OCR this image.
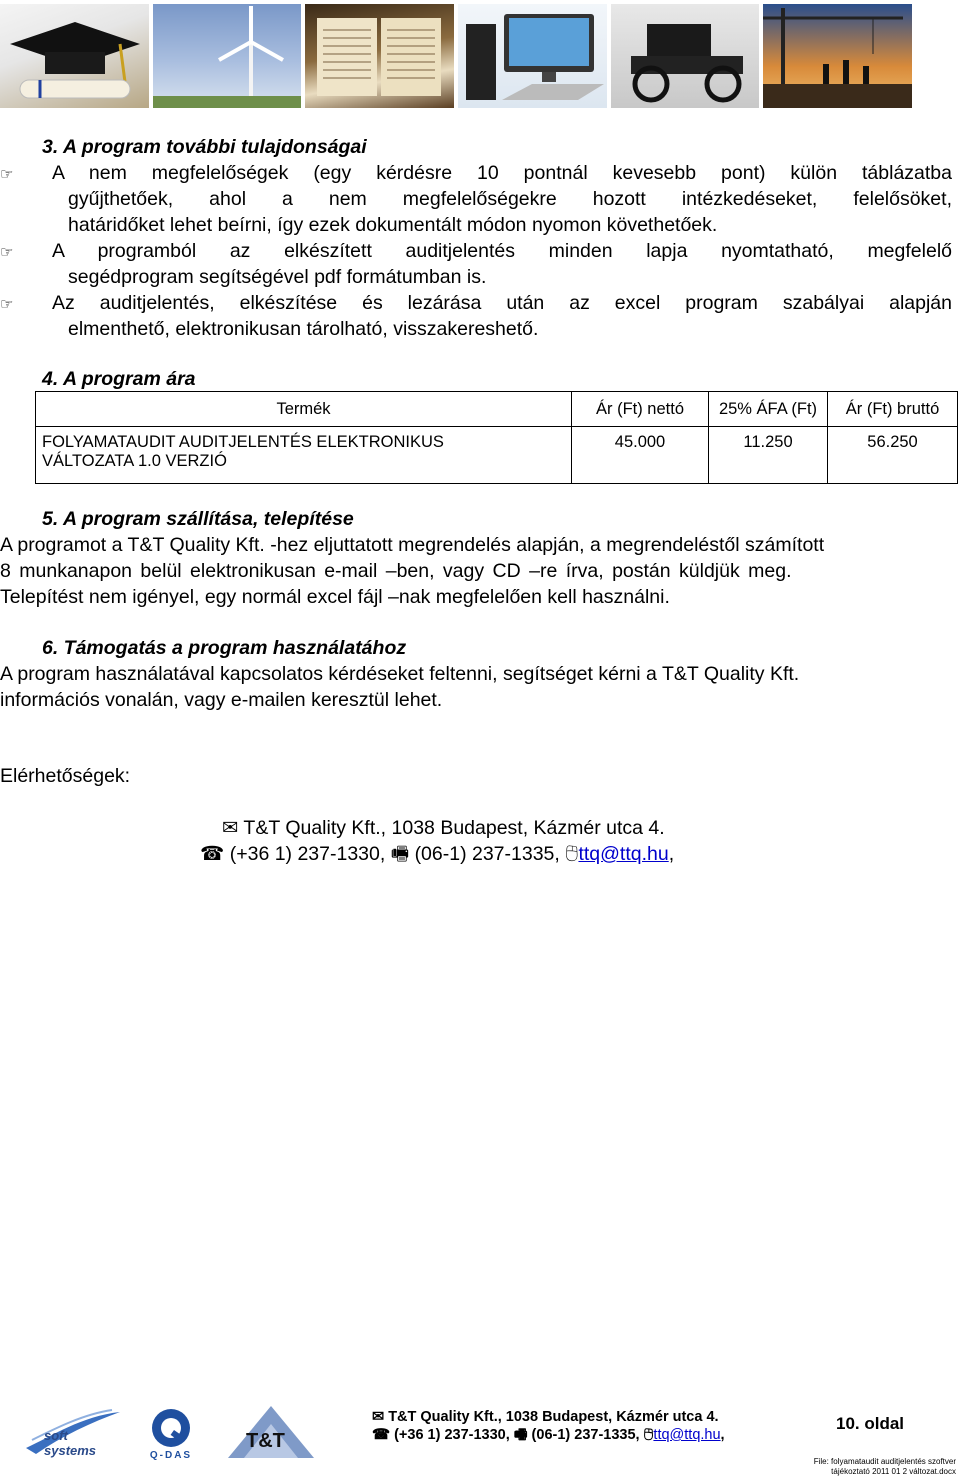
3. A program további tulajdonságai
☞ A nem megfelelőségek (egy kérdésre 10 pontnál kevesebb pont) külön táblázatba
gyűjthetőek, ahol a nem megfelelőségekre hozott intézkedéseket, felelősöket,
határidőket lehet beírni, így ezek dokumentált módon nyomon követhetőek.
☞ A programból az elkészített auditjelentés minden lapja nyomtatható, megfelelő
segédprogram segítségével pdf formátumban is.
☞ Az auditjelentés, elkészítése és lezárása után az excel program szabályai alapján
elmenthető, elektronikusan tárolható, visszakereshető.
4. A program ára
Termék	Ár (Ft) nettó	25% ÁFA (Ft)	Ár (Ft) bruttó

FOLYAMATAUDIT AUDITJELENTÉS ELEKTRONIKUS
VÁLTOZATA 1.0 VERZIÓ	45.000	11.250	56.250
5. A program szállítása, telepítése
A programot a T&T Quality Kft. -hez eljuttatott megrendelés alapján, a megrendeléstől számított
8 munkanapon belül elektronikusan e-mail –ben, vagy CD –re írva, postán küldjük meg.
Telepítést nem igényel, egy normál excel fájl –nak megfelelően kell használni.
6. Támogatás a program használatához
A program használatával kapcsolatos kérdéseket feltenni, segítséget kérni a T&T Quality Kft.
információs vonalán, vagy e-mailen keresztül lehet.
Elérhetőségek:
✉ T&T Quality Kft., 1038 Budapest, Kázmér utca 4.
☎ (+36 1) 237-1330, 🖷 (06-1) 237-1335, 🖰ttq@ttq.hu,
soft systems	Q-DAS
T&T
✉ T&T Quality Kft., 1038 Budapest, Kázmér utca 4.
☎ (+36 1) 237-1330, 🖷 (06-1) 237-1335, 🖰ttq@ttq.hu,
10. oldal
File: folyamataudit auditjelentés szoftver
tájékoztató 2011 01 2 változat.docx
